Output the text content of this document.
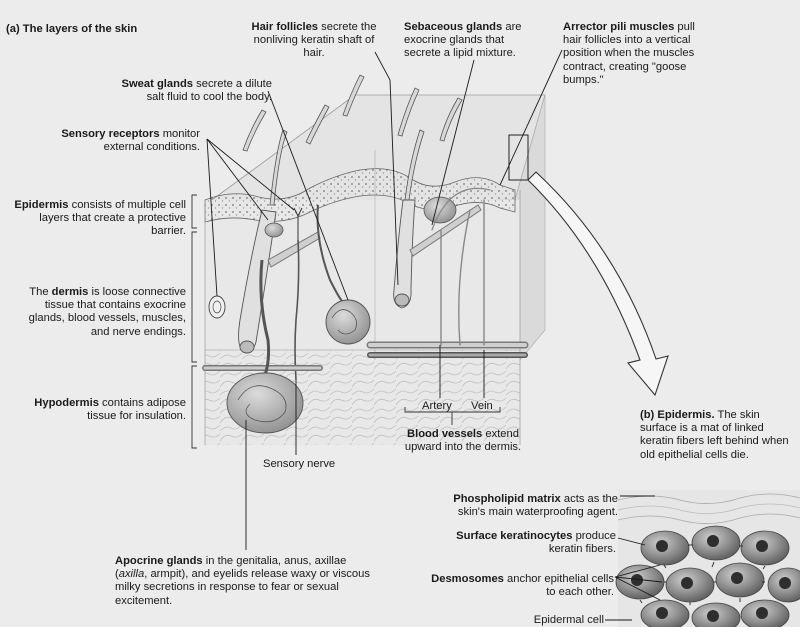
(a) The layers of the skin	Hair follicles secrete the nonliving keratin shaft of hair.
Sebaceous glands are exocrine glands that secrete a lipid mixture.
Arrector pili muscles pull hair follicles into a vertical position when the muscles contract, creating "goose bumps."
Sweat glands secrete a dilute salt fluid to cool the body.
Sensory receptors monitor external conditions.
Epidermis consists of multiple cell layers that create a protective barrier.
The dermis is loose connective tissue that contains exocrine glands, blood vessels, muscles, and nerve endings.
Hypodermis contains adipose tissue for insulation.
Sensory nerve
Artery Vein
Blood vessels extend upward into the dermis.
Apocrine glands in the genitalia, anus, axillae (axilla, armpit), and eyelids release waxy or viscous milky secretions in response to fear or sexual excitement.
(b) Epidermis. The skin surface is a mat of linked keratin fibers left behind when old epithelial cells die.
Phospholipid matrix acts as the skin's main waterproofing agent.
Surface keratinocytes produce keratin fibers.
Desmosomes anchor epithelial cells to each other.
Epidermal cell
